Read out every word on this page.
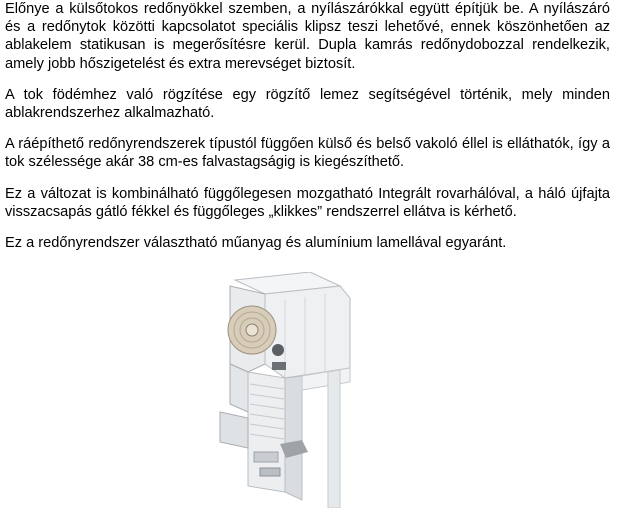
Előnye a külsőtokos redőnyökkel szemben, a nyílászárókkal együtt építjük be. A nyílászáró és a redőnytok közötti kapcsolatot speciális klipsz teszi lehetővé, ennek köszönhetően az ablakelem statikusan is megerősítésre kerül. Dupla kamrás redőnydobozzal rendelkezik, amely jobb hőszigetelést és extra merevséget biztosít.

A tok födémhez való rögzítése egy rögzítő lemez segítségével történik, mely minden ablakrendszerhez alkalmazható.

A ráépíthető redőnyrendszerek típustól függően külső és belső vakoló éllel is elláthatók, így a tok szélessége akár 38 cm-es falvastagságig is kiegészíthető.

Ez a változat is kombinálható függőlegesen mozgatható Integrált rovarhálóval, a háló újfajta visszacsapás gátló fékkel és függőleges „klikkes” rendszerrel ellátva is kérhető.

Ez a redőnyrendszer választható műanyag és alumínium lamellával egyaránt.
